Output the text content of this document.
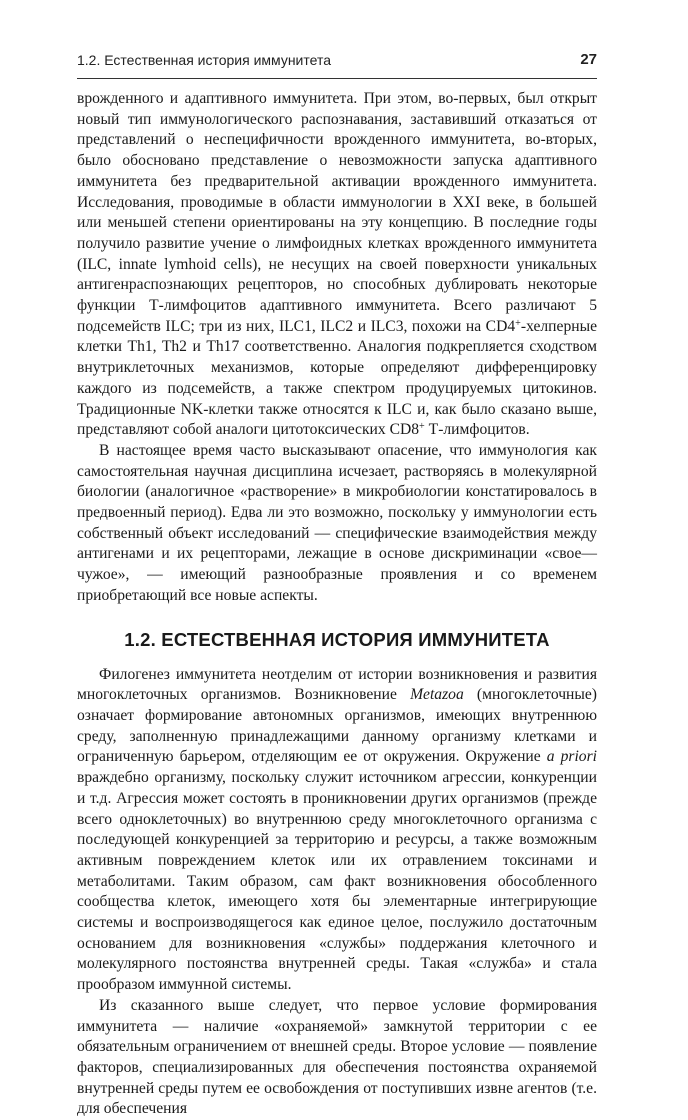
1.2. Естественная история иммунитета	27

врожденного и адаптивного иммунитета. При этом, во-первых, был открыт новый тип иммунологического распознавания, заставивший отказаться от представлений о неспецифичности врожденного иммунитета, во-вторых, было обосновано представление о невозможности запуска адаптивного иммунитета без предварительной активации врожденного иммунитета. Исследования, проводимые в области иммунологии в XXI веке, в большей или меньшей степени ориентированы на эту концепцию. В последние годы получило развитие учение о лимфоидных клетках врожденного иммунитета (ILC, innate lymhoid cells), не несущих на своей поверхности уникальных антигенраспознающих рецепторов, но способных дублировать некоторые функции Т-лимфоцитов адаптивного иммунитета. Всего различают 5 подсемейств ILC; три из них, ILC1, ILC2 и ILC3, похожи на CD4+-хелперные клетки Th1, Th2 и Th17 соответственно. Аналогия подкрепляется сходством внутриклеточных механизмов, которые определяют дифференцировку каждого из подсемейств, а также спектром продуцируемых цитокинов. Традиционные NK-клетки также относятся к ILC и, как было сказано выше, представляют собой аналоги цитотоксических CD8+ Т-лимфоцитов.

В настоящее время часто высказывают опасение, что иммунология как самостоятельная научная дисциплина исчезает, растворяясь в молекулярной биологии (аналогичное «растворение» в микробиологии констатировалось в предвоенный период). Едва ли это возможно, поскольку у иммунологии есть собственный объект исследований — специфические взаимодействия между антигенами и их рецепторами, лежащие в основе дискриминации «свое—чужое», — имеющий разнообразные проявления и со временем приобретающий все новые аспекты.

1.2. ЕСТЕСТВЕННАЯ ИСТОРИЯ ИММУНИТЕТА

Филогенез иммунитета неотделим от истории возникновения и развития многоклеточных организмов. Возникновение Metazoa (многоклеточные) означает формирование автономных организмов, имеющих внутреннюю среду, заполненную принадлежащими данному организму клетками и ограниченную барьером, отделяющим ее от окружения. Окружение a priori враждебно организму, поскольку служит источником агрессии, конкуренции и т.д. Агрессия может состоять в проникновении других организмов (прежде всего одноклеточных) во внутреннюю среду многоклеточного организма с последующей конкуренцией за территорию и ресурсы, а также возможным активным повреждением клеток или их отравлением токсинами и метаболитами. Таким образом, сам факт возникновения обособленного сообщества клеток, имеющего хотя бы элементарные интегрирующие системы и воспроизводящегося как единое целое, послужило достаточным основанием для возникновения «службы» поддержания клеточного и молекулярного постоянства внутренней среды. Такая «служба» и стала прообразом иммунной системы.

Из сказанного выше следует, что первое условие формирования иммунитета — наличие «охраняемой» замкнутой территории с ее обязательным ограничением от внешней среды. Второе условие — появление факторов, специализированных для обеспечения постоянства охраняемой внутренней среды путем ее освобождения от поступивших извне агентов (т.е. для обеспечения
